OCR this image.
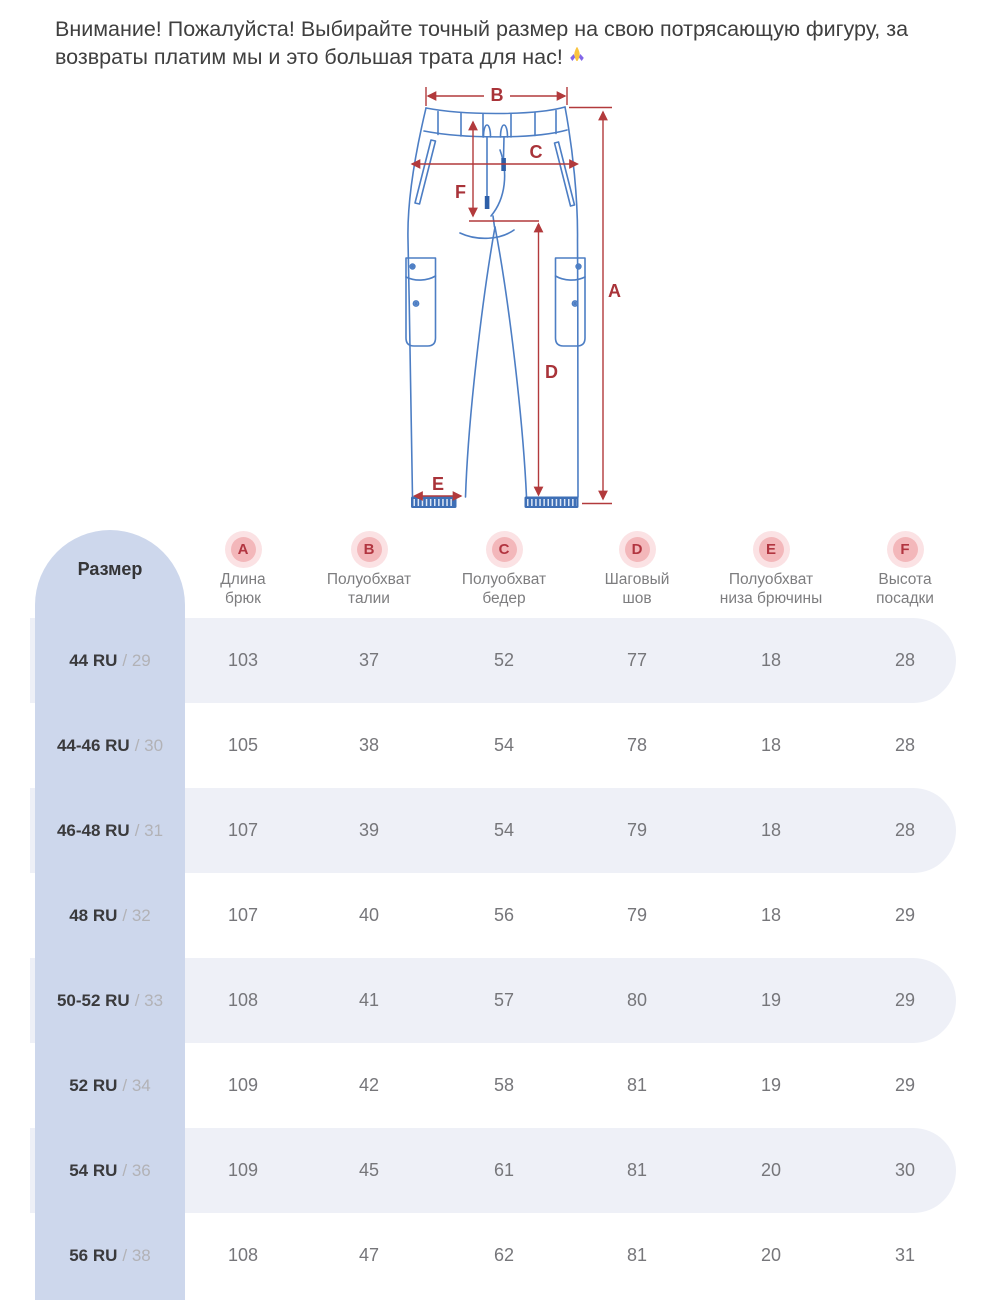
Внимание! Пожалуйста! Выбирайте точный размер на свою потрясающую фигуру, за возвраты платим мы и это большая трата для нас!
B
A
C
F
D
E
Размер
A
Длина
брюк
B
Полуобхват
талии
C
Полуобхват
бедер
D
Шаговый
шов
E
Полуобхват
низа брючины
F
Высота
посадки
44 RU / 29	103	37	52	77	18	28
44-46 RU / 30	105	38	54	78	18	28
46-48 RU / 31	107	39	54	79	18	28
48 RU / 32	107	40	56	79	18	29
50-52 RU / 33	108	41	57	80	19	29
52 RU / 34	109	42	58	81	19	29
54 RU / 36	109	45	61	81	20	30
56 RU / 38	108	47	62	81	20	31
